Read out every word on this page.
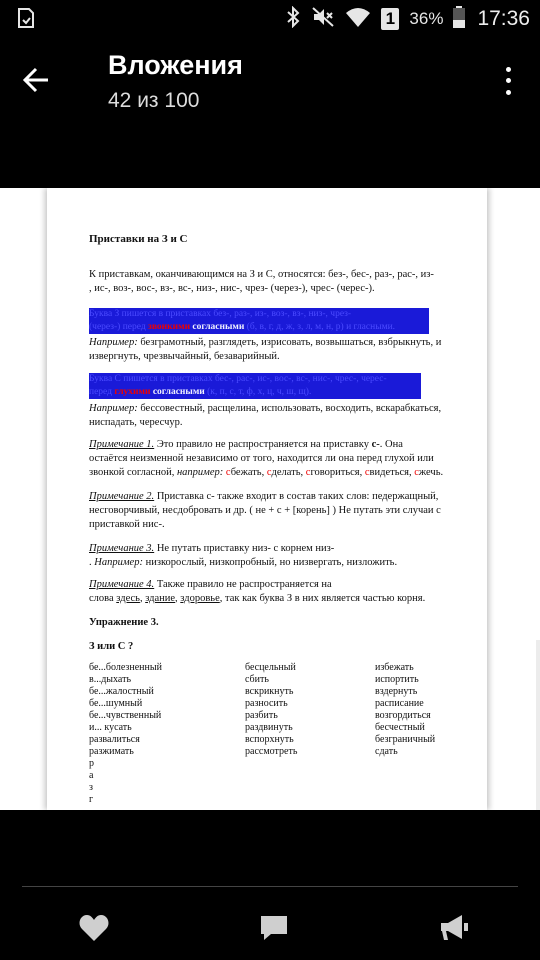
1 36% 17:36
Вложения
42 из 100
Приставки на З и С
К приставкам, оканчивающимся на З и С, относятся: без-, бес-, раз-, рас-, из-
, ис-, воз-, вос-, вз-, вс-, низ-, нис-, чрез- (через-), чрес- (черес-).
Буква З пишется в приставках без-, раз-, из-, воз-, вз-, низ-, чрез-
(через-) перед звонкими согласными (б, в, г, д, ж, з, л, м, н, р) и гласными.
Например: безграмотный, разглядеть, изрисовать, возвышаться, взбрыкнуть, и
извергнуть, чрезвычайный, безаварийный.
Буква С пишется в приставках бес-, рас-, ис-, вос-, вс-, нис-, чрес-, черес-
перед глухими согласными (к, п, с, т, ф, х, ц, ч, ш, щ).
Например: бессовестный, расщелина, использовать, восходить, вскарабкаться,
ниспадать, чересчур.
Примечание 1. Это правило не распространяется на приставку с-. Она
остаётся неизменной независимо от того, находится ли она перед глухой или
звонкой согласной, например: сбежать, сделать, сговориться, свидеться, сжечь.
Примечание 2. Приставка с- также входит в состав таких слов: педержащный,
несговорчивый, несдобровать и др. ( не + с + [корень] ) Не путать эти случаи с
приставкой нис-.
Примечание 3. Не путать приставку низ- с корнем низ-
. Например: низкорослый, низкопробный, но низвергать, низложить.
Примечание 4. Также правило не распространяется на
слова здесь, здание, здоровье, так как буква З в них является частью корня.
Упражнение 3.
З или С ?
бе...болезненный
в...дыхать
бе...жалостный
бе...шумный
бе...чувственный
и... кусать
развалиться
разжимать
бесцельный
сбить
вскрикнуть
разносить
разбить
раздвинуть
вспорхнуть
рассмотреть
избежать
испортить
вздернуть
расписание
возгордиться
бесчестный
безграничный
сдать
р
а
з
г
